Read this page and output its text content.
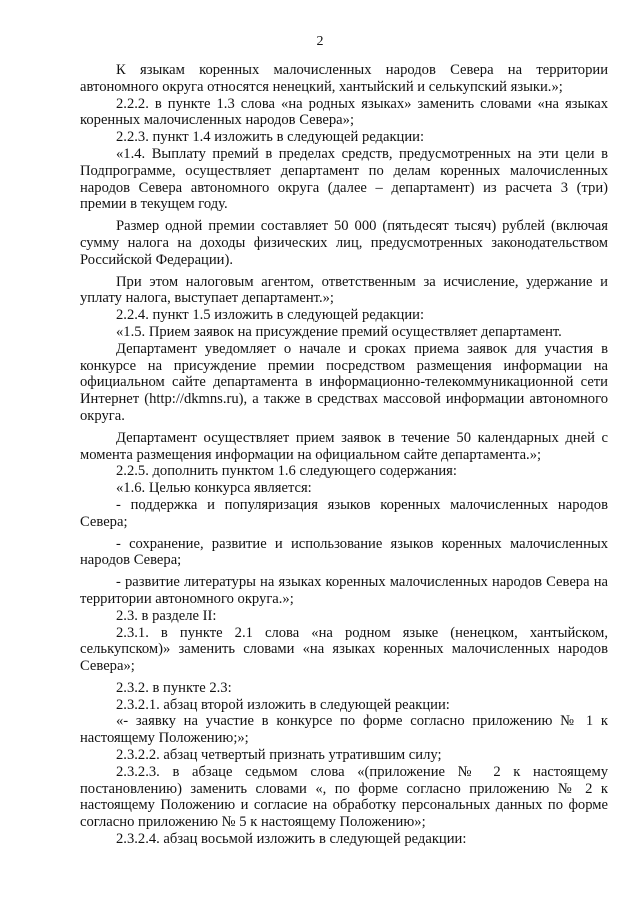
2

К языкам коренных малочисленных народов Севера на территории автономного округа относятся ненецкий, хантыйский и селькупский языки.»;

2.2.2. в пункте 1.3 слова «на родных языках» заменить словами «на языках коренных малочисленных народов Севера»;

2.2.3. пункт 1.4 изложить в следующей редакции:

«1.4. Выплату премий в пределах средств, предусмотренных на эти цели в Подпрограмме, осуществляет департамент по делам коренных малочисленных народов Севера автономного округа (далее – департамент) из расчета 3 (три) премии в текущем году.

Размер одной премии составляет 50 000 (пятьдесят тысяч) рублей (включая сумму налога на доходы физических лиц, предусмотренных законодательством Российской Федерации).

При этом налоговым агентом, ответственным за исчисление, удержание и уплату налога, выступает департамент.»;

2.2.4. пункт 1.5 изложить в следующей редакции:

«1.5. Прием заявок на присуждение премий осуществляет департамент.

Департамент уведомляет о начале и сроках приема заявок для участия в конкурсе на присуждение премии посредством размещения информации на официальном сайте департамента в информационно-телекоммуникационной сети Интернет (http://dkmns.ru), а также в средствах массовой информации автономного округа.

Департамент осуществляет прием заявок в течение 50 календарных дней с момента размещения информации на официальном сайте департамента.»;

2.2.5. дополнить пунктом 1.6 следующего содержания:

«1.6. Целью конкурса является:

- поддержка и популяризация языков коренных малочисленных народов Севера;

- сохранение, развитие и использование языков коренных малочисленных народов Севера;

- развитие литературы на языках коренных малочисленных народов Севера на территории автономного округа.»;

2.3. в разделе II:

2.3.1. в пункте 2.1 слова «на родном языке (ненецком, хантыйском, селькупском)» заменить словами «на языках коренных малочисленных народов Севера»;

2.3.2. в пункте 2.3:

2.3.2.1. абзац второй изложить в следующей реакции:

«- заявку на участие в конкурсе по форме согласно приложению № 1 к настоящему Положению;»;

2.3.2.2. абзац четвертый признать утратившим силу;

2.3.2.3. в абзаце седьмом слова «(приложение № 2 к настоящему постановлению) заменить словами «, по форме согласно приложению № 2 к настоящему Положению и согласие на обработку персональных данных по форме согласно приложению № 5 к настоящему Положению»;

2.3.2.4. абзац восьмой изложить в следующей редакции:
